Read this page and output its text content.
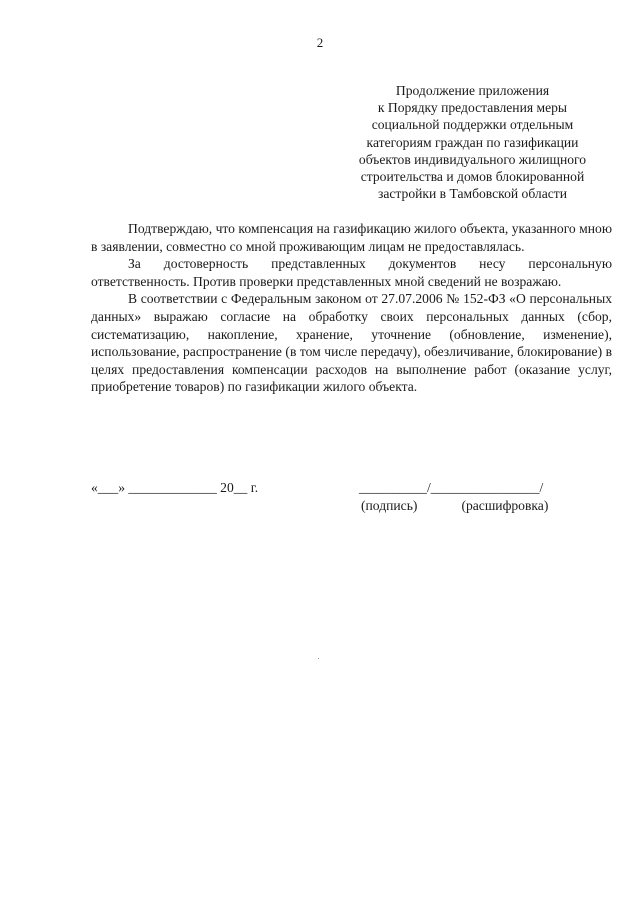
2
Продолжение приложения
к Порядку предоставления меры
социальной поддержки отдельным
категориям граждан по газификации
объектов индивидуального жилищного
строительства и домов блокированной
застройки в Тамбовской области

Подтверждаю, что компенсация на газификацию жилого объекта, указанного мною в заявлении, совместно со мной проживающим лицам не предоставлялась.

За достоверность представленных документов несу персональную ответственность. Против проверки представленных мной сведений не возражаю.

В соответствии с Федеральным законом от 27.07.2006 № 152-ФЗ «О персональных данных» выражаю согласие на обработку своих персональных данных (сбор, систематизацию, накопление, хранение, уточнение (обновление, изменение), использование, распространение (в том числе передачу), обезличивание, блокирование) в целях предоставления компенсации расходов на выполнение работ (оказание услуг, приобретение товаров) по газификации жилого объекта.

«___» _____________ 20__ г.	__________/________________/
(подпись)	(расшифровка)
